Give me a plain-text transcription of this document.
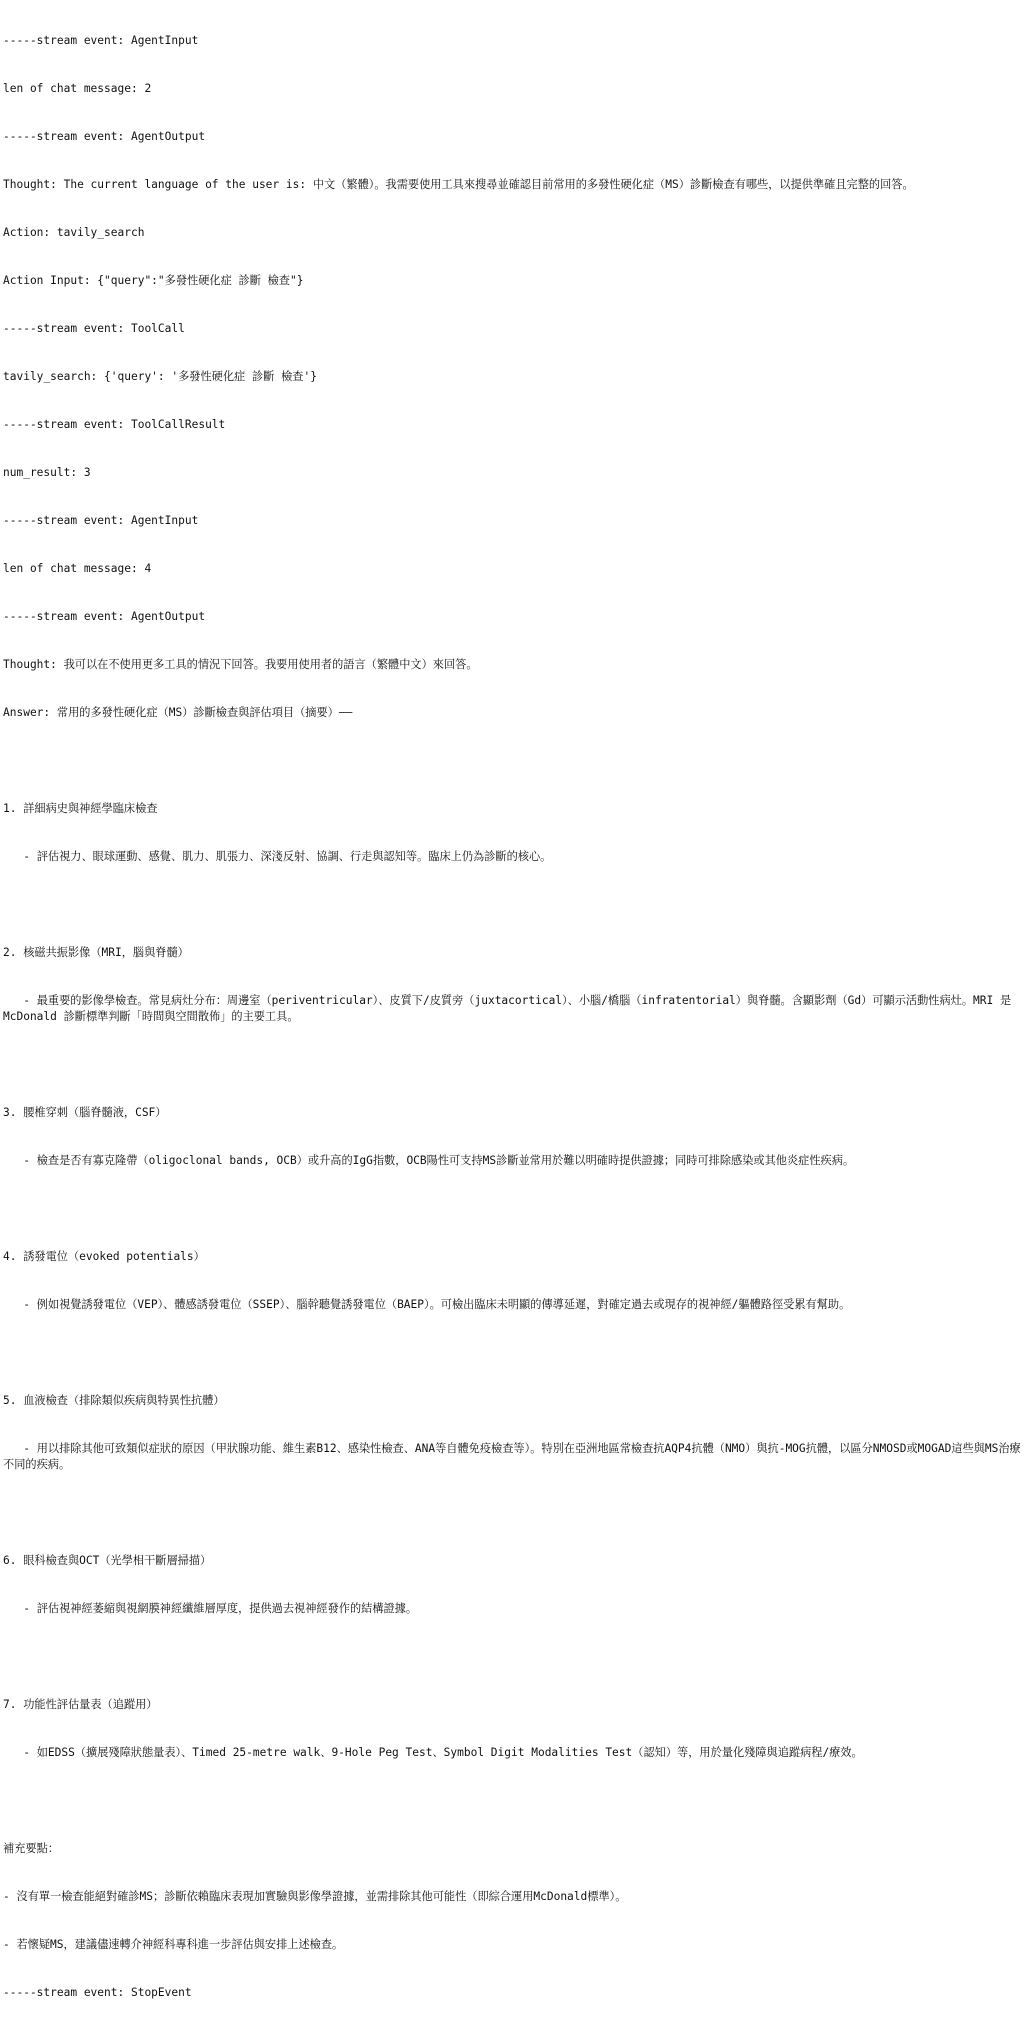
-----stream event: AgentInput

len of chat message: 2

-----stream event: AgentOutput

Thought: The current language of the user is: 中文（繁體）。我需要使用工具來搜尋並確認目前常用的多發性硬化症（MS）診斷檢查有哪些，以提供準確且完整的回答。

Action: tavily_search

Action Input: {"query":"多發性硬化症 診斷 檢查"}

-----stream event: ToolCall

tavily_search: {'query': '多發性硬化症 診斷 檢查'}

-----stream event: ToolCallResult

num_result: 3

-----stream event: AgentInput

len of chat message: 4

-----stream event: AgentOutput

Thought: 我可以在不使用更多工具的情況下回答。我要用使用者的語言（繁體中文）來回答。

Answer: 常用的多發性硬化症（MS）診斷檢查與評估項目（摘要）——

1. 詳細病史與神經學臨床檢查

- 評估視力、眼球運動、感覺、肌力、肌張力、深淺反射、協調、行走與認知等。臨床上仍為診斷的核心。

2. 核磁共振影像（MRI，腦與脊髓）

- 最重要的影像學檢查。常見病灶分布：周邊室（periventricular）、皮質下/皮質旁（juxtacortical）、小腦/橋腦（infratentorial）與脊髓。含顯影劑（Gd）可顯示活動性病灶。MRI 是 McDonald 診斷標準判斷「時間與空間散佈」的主要工具。

3. 腰椎穿刺（腦脊髓液，CSF）

- 檢查是否有寡克隆帶（oligoclonal bands, OCB）或升高的IgG指數，OCB陽性可支持MS診斷並常用於難以明確時提供證據；同時可排除感染或其他炎症性疾病。

4. 誘發電位（evoked potentials）

- 例如視覺誘發電位（VEP）、體感誘發電位（SSEP）、腦幹聽覺誘發電位（BAEP）。可檢出臨床未明顯的傳導延遲，對確定過去或現存的視神經/軀體路徑受累有幫助。

5. 血液檢查（排除類似疾病與特異性抗體）

- 用以排除其他可致類似症狀的原因（甲狀腺功能、維生素B12、感染性檢查、ANA等自體免疫檢查等）。特別在亞洲地區常檢查抗AQP4抗體（NMO）與抗-MOG抗體，以區分NMOSD或MOGAD這些與MS治療不同的疾病。

6. 眼科檢查與OCT（光學相干斷層掃描）

- 評估視神經萎縮與視網膜神經纖維層厚度，提供過去視神經發作的結構證據。

7. 功能性評估量表（追蹤用）

- 如EDSS（擴展殘障狀態量表）、Timed 25-metre walk、9-Hole Peg Test、Symbol Digit Modalities Test（認知）等，用於量化殘障與追蹤病程/療效。

補充要點：

- 沒有單一檢查能絕對確診MS；診斷依賴臨床表現加實驗與影像學證據，並需排除其他可能性（即綜合運用McDonald標準）。

- 若懷疑MS，建議儘速轉介神經科專科進一步評估與安排上述檢查。

-----stream event: StopEvent
